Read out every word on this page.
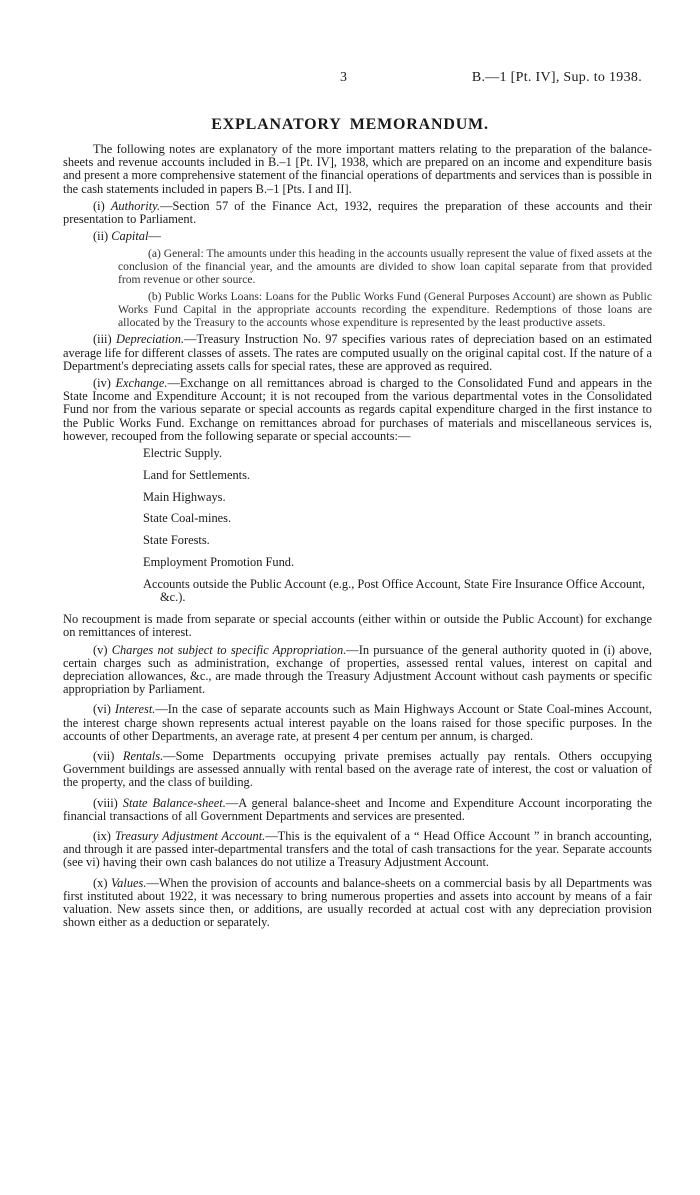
3	B.—1 [Pt. IV], Sup. to 1938.
EXPLANATORY MEMORANDUM.

The following notes are explanatory of the more important matters relating to the preparation of the balance-sheets and revenue accounts included in B.–1 [Pt. IV], 1938, which are prepared on an income and expenditure basis and present a more comprehensive statement of the financial operations of departments and services than is possible in the cash statements included in papers B.–1 [Pts. I and II].

(i) Authority.—Section 57 of the Finance Act, 1932, requires the preparation of these accounts and their presentation to Parliament.

(ii) Capital—

(a) General: The amounts under this heading in the accounts usually represent the value of fixed assets at the conclusion of the financial year, and the amounts are divided to show loan capital separate from that provided from revenue or other source.

(b) Public Works Loans: Loans for the Public Works Fund (General Purposes Account) are shown as Public Works Fund Capital in the appropriate accounts recording the expenditure. Redemptions of those loans are allocated by the Treasury to the accounts whose expenditure is represented by the least productive assets.

(iii) Depreciation.—Treasury Instruction No. 97 specifies various rates of depreciation based on an estimated average life for different classes of assets. The rates are computed usually on the original capital cost. If the nature of a Department's depreciating assets calls for special rates, these are approved as required.

(iv) Exchange.—Exchange on all remittances abroad is charged to the Consolidated Fund and appears in the State Income and Expenditure Account; it is not recouped from the various departmental votes in the Consolidated Fund nor from the various separate or special accounts as regards capital expenditure charged in the first instance to the Public Works Fund. Exchange on remittances abroad for purchases of materials and miscellaneous services is, however, recouped from the following separate or special accounts:—

Electric Supply.
Land for Settlements.
Main Highways.
State Coal-mines.
State Forests.
Employment Promotion Fund.
Accounts outside the Public Account (e.g., Post Office Account, State Fire Insurance Office Account, &c.).

No recoupment is made from separate or special accounts (either within or outside the Public Account) for exchange on remittances of interest.

(v) Charges not subject to specific Appropriation.—In pursuance of the general authority quoted in (i) above, certain charges such as administration, exchange of properties, assessed rental values, interest on capital and depreciation allowances, &c., are made through the Treasury Adjustment Account without cash payments or specific appropriation by Parliament.

(vi) Interest.—In the case of separate accounts such as Main Highways Account or State Coal-mines Account, the interest charge shown represents actual interest payable on the loans raised for those specific purposes. In the accounts of other Departments, an average rate, at present 4 per centum per annum, is charged.

(vii) Rentals.—Some Departments occupying private premises actually pay rentals. Others occupying Government buildings are assessed annually with rental based on the average rate of interest, the cost or valuation of the property, and the class of building.

(viii) State Balance-sheet.—A general balance-sheet and Income and Expenditure Account incorporating the financial transactions of all Government Departments and services are presented.

(ix) Treasury Adjustment Account.—This is the equivalent of a “ Head Office Account ” in branch accounting, and through it are passed inter-departmental transfers and the total of cash transactions for the year. Separate accounts (see vi) having their own cash balances do not utilize a Treasury Adjustment Account.

(x) Values.—When the provision of accounts and balance-sheets on a commercial basis by all Departments was first instituted about 1922, it was necessary to bring numerous properties and assets into account by means of a fair valuation. New assets since then, or additions, are usually recorded at actual cost with any depreciation provision shown either as a deduction or separately.
